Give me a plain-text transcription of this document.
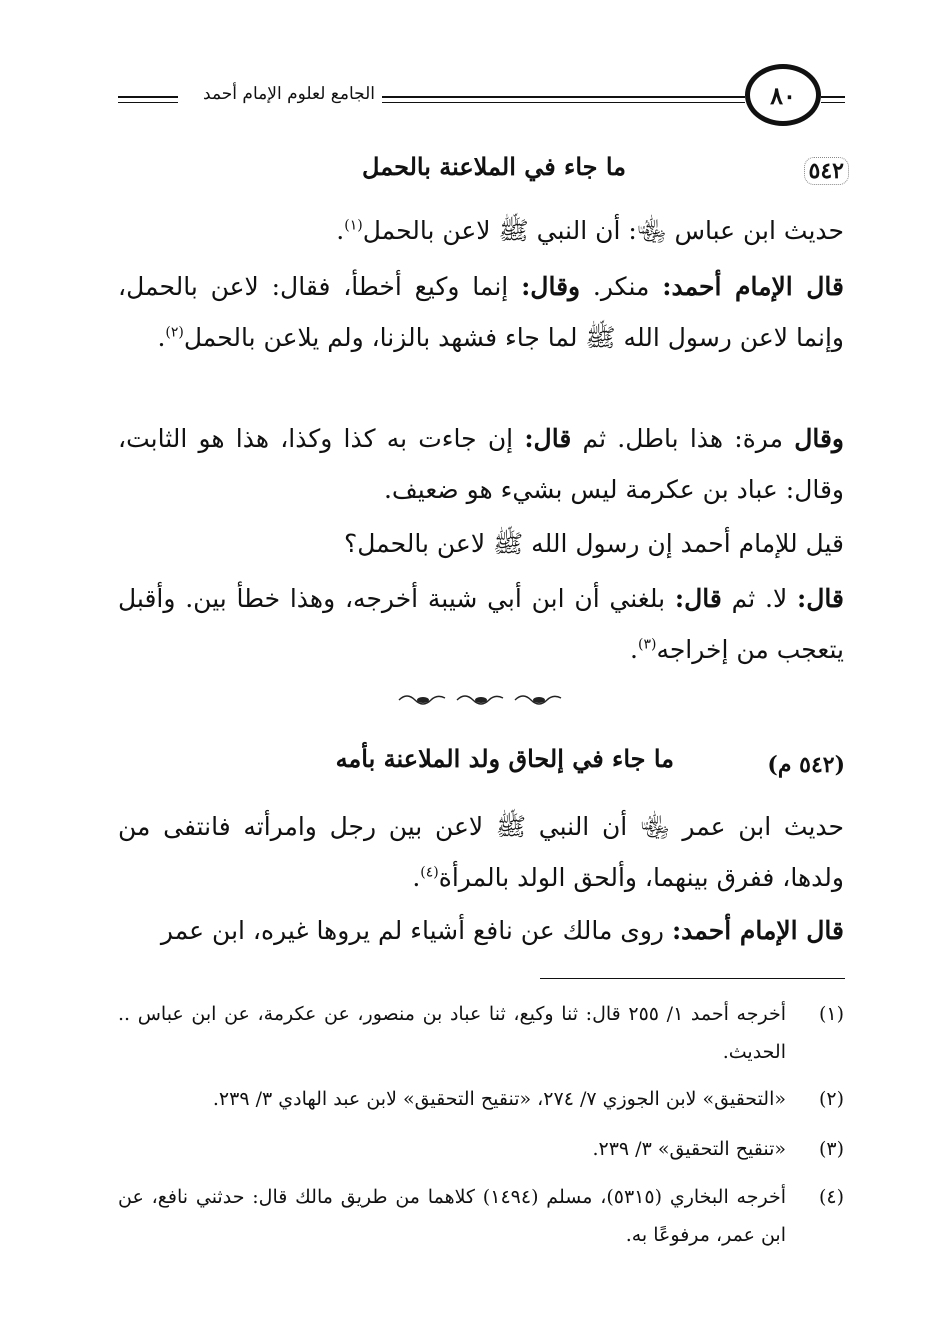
الجامع لعلوم الإمام أحمد	٨٠
٥٤٢
ما جاء في الملاعنة بالحمل

حديث ابن عباس ﵄: أن النبي ﷺ لاعن بالحمل$^{(١)}$.

قال الإمام أحمد: منكر. وقال: إنما وكيع أخطأ، فقال: لاعن بالحمل، وإنما لاعن رسول الله ﷺ لما جاء فشهد بالزنا، ولم يلاعن بالحمل$^{(٢)}$.

وقال مرة: هذا باطل. ثم قال: إن جاءت به كذا وكذا، هذا هو الثابت، وقال: عباد بن عكرمة ليس بشيء هو ضعيف.

قيل للإمام أحمد إن رسول الله ﷺ لاعن بالحمل؟

قال: لا. ثم قال: بلغني أن ابن أبي شيبة أخرجه، وهذا خطأ بين. وأقبل يتعجب من إخراجه$^{(٣)}$.

(٥٤٢ م)
ما جاء في إلحاق ولد الملاعنة بأمه

حديث ابن عمر ﵄ أن النبي ﷺ لاعن بين رجل وامرأته فانتفى من ولدها، ففرق بينهما، وألحق الولد بالمرأة$^{(٤)}$.

قال الإمام أحمد: روى مالك عن نافع أشياء لم يروها غيره، ابن عمر

(١)
أخرجه أحمد ١/ ٢٥٥ قال: ثنا وكيع، ثنا عباد بن منصور، عن عكرمة، عن ابن عباس .. الحديث.
(٢)
«التحقيق» لابن الجوزي ٧/ ٢٧٤، «تنقيح التحقيق» لابن عبد الهادي ٣/ ٢٣٩.
(٣)
«تنقيح التحقيق» ٣/ ٢٣٩.
(٤)
أخرجه البخاري (٥٣١٥)، مسلم (١٤٩٤) كلاهما من طريق مالك قال: حدثني نافع، عن ابن عمر، مرفوعًا به.
